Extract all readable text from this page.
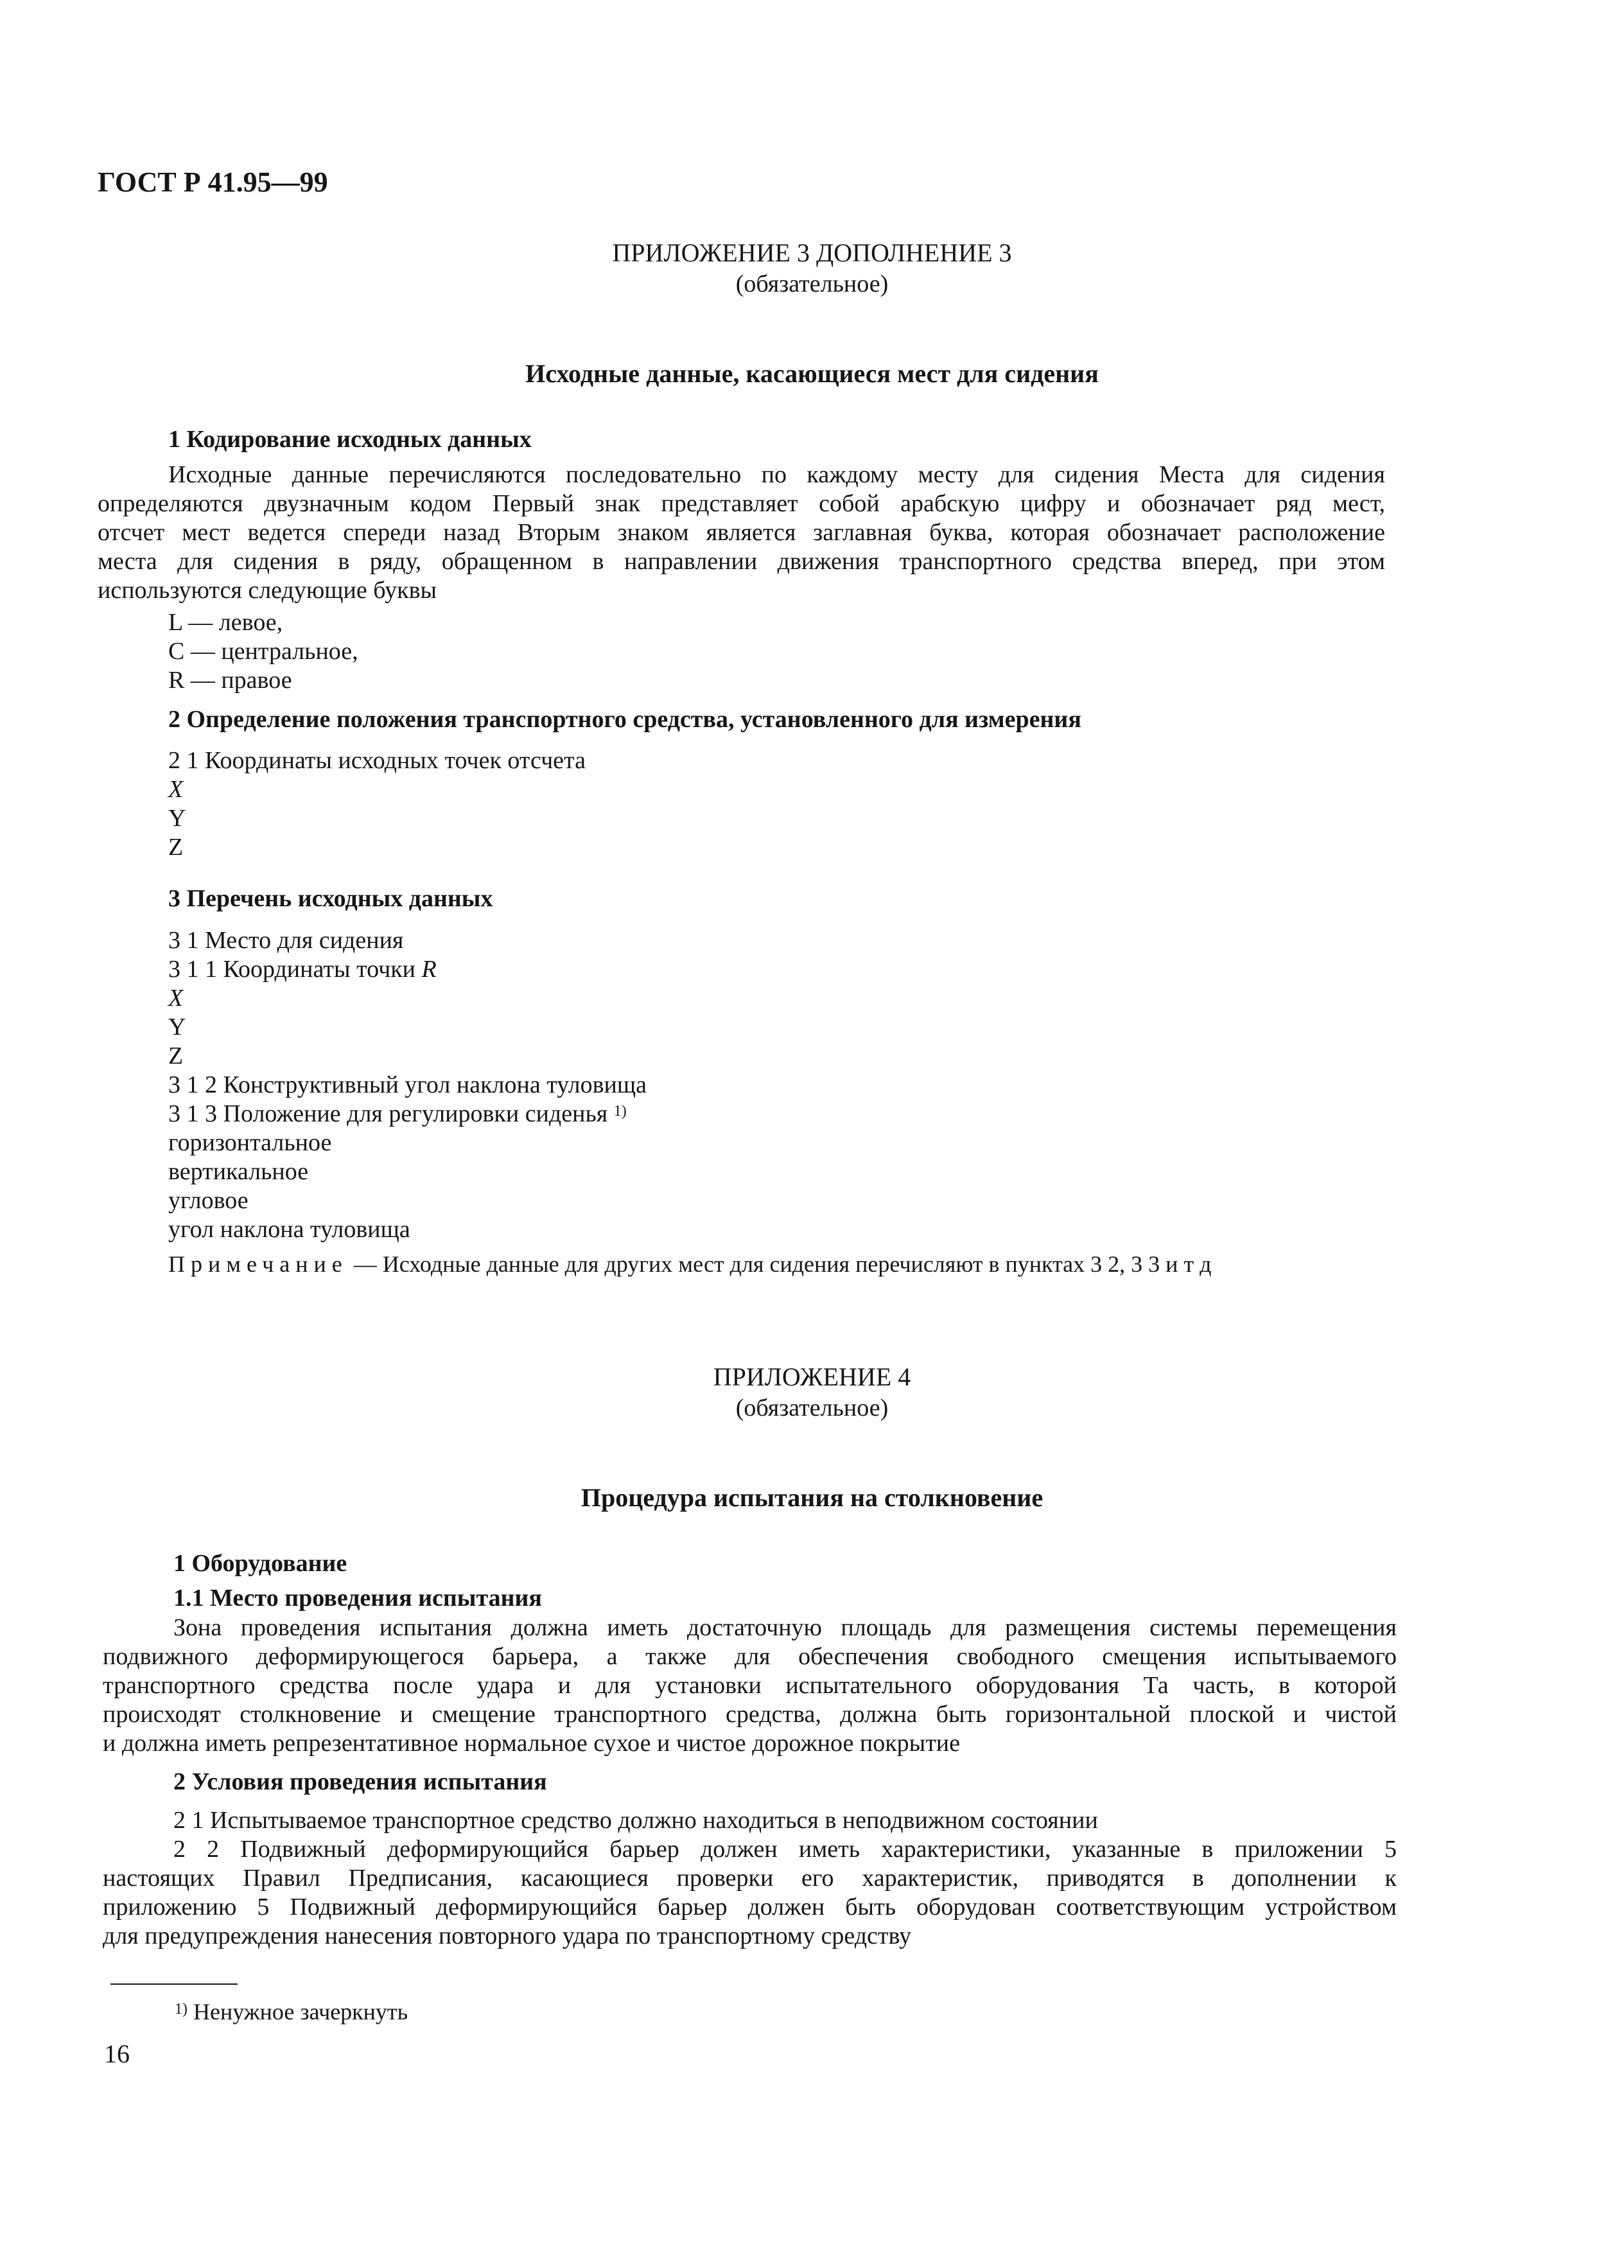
ГОСТ Р 41.95—99
ПРИЛОЖЕНИЕ 3 ДОПОЛНЕНИЕ 3
(обязательное)
Исходные данные, касающиеся мест для сидения
1 Кодирование исходных данных
Исходные данные перечисляются последовательно по каждому месту для сидения Места для сидения
определяются двузначным кодом Первый знак представляет собой арабскую цифру и обозначает ряд мест,
отсчет мест ведется спереди назад Вторым знаком является заглавная буква, которая обозначает расположение
места для сидения в ряду, обращенном в направлении движения транспортного средства вперед, при этом
используются следующие буквы
L — левое,
C — центральное,
R — правое
2 Определение положения транспортного средства, установленного для измерения
2 1 Координаты исходных точек отсчета
X
Y
Z
3 Перечень исходных данных
3 1 Место для сидения
3 1 1 Координаты точки R
X
Y
Z
3 1 2 Конструктивный угол наклона туловища
3 1 3 Положение для регулировки сиденья $^{1)}$
горизонтальное
вертикальное
угловое
угол наклона туловища
Примечание — Исходные данные для других мест для сидения перечисляют в пунктах 3 2, 3 3 и т д
ПРИЛОЖЕНИЕ 4
(обязательное)
Процедура испытания на столкновение
1 Оборудование
1.1 Место проведения испытания
Зона проведения испытания должна иметь достаточную площадь для размещения системы перемещения
подвижного деформирующегося барьера, а также для обеспечения свободного смещения испытываемого
транспортного средства после удара и для установки испытательного оборудования Та часть, в которой
происходят столкновение и смещение транспортного средства, должна быть горизонтальной плоской и чистой
и должна иметь репрезентативное нормальное сухое и чистое дорожное покрытие
2 Условия проведения испытания
2 1 Испытываемое транспортное средство должно находиться в неподвижном состоянии
2 2 Подвижный деформирующийся барьер должен иметь характеристики, указанные в приложении 5
настоящих Правил Предписания, касающиеся проверки его характеристик, приводятся в дополнении к
приложению 5 Подвижный деформирующийся барьер должен быть оборудован соответствующим устройством
для предупреждения нанесения повторного удара по транспортному средству
$^{1)}$ Ненужное зачеркнуть
16
